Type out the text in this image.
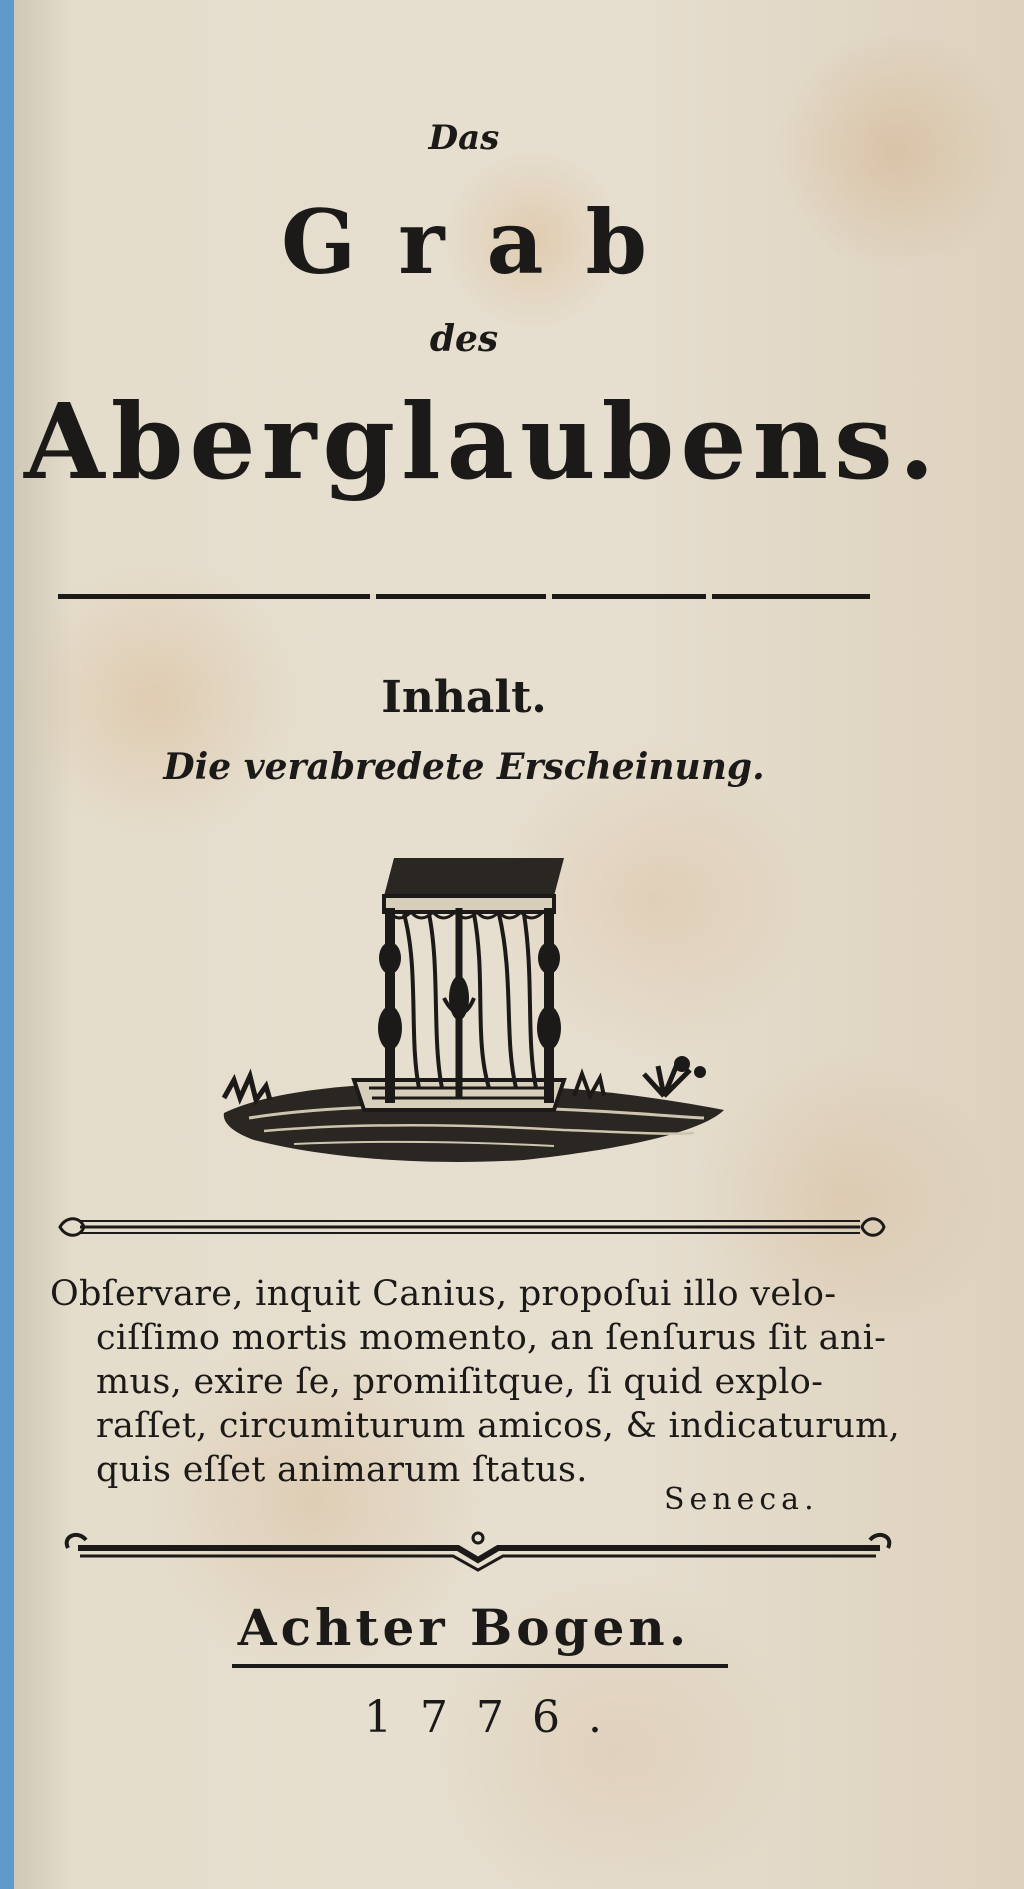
Das
Grab
des
Aberglaubens.
Inhalt.
Die verabredete Erscheinung.
Obſervare, inquit Canius, propoſui illo velo-
ciſſimo mortis momento, an ſenſurus ſit ani-
mus, exire ſe, promiſitque, ſi quid explo-
raſſet, circumiturum amicos, & indicaturum,
quis eſſet animarum ſtatus.
Seneca.
Achter Bogen.
1776.
